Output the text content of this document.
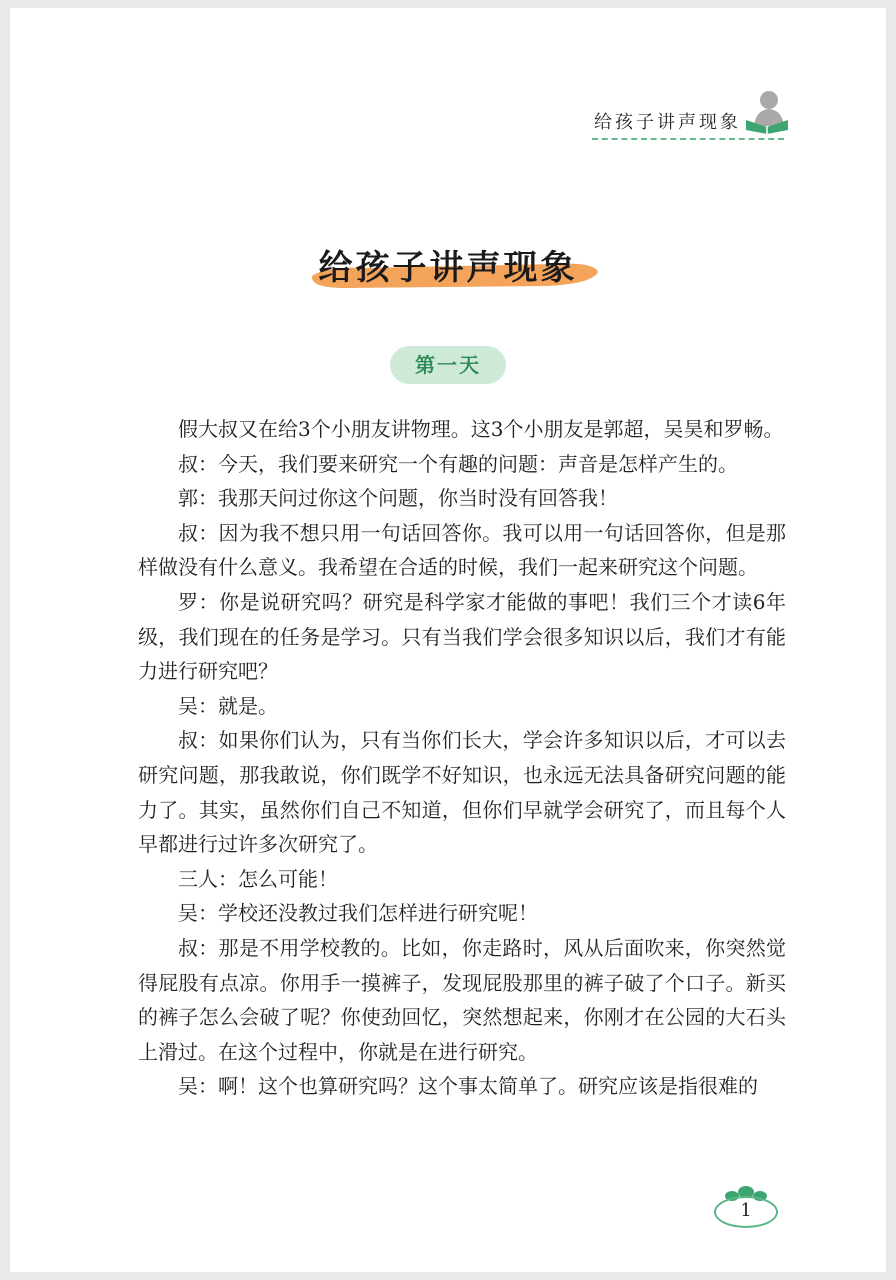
给孩子讲声现象
给孩子讲声现象
第一天

假大叔又在给3个小朋友讲物理。这3个小朋友是郭超，吴昊和罗畅。

叔：今天，我们要来研究一个有趣的问题：声音是怎样产生的。

郭：我那天问过你这个问题，你当时没有回答我！

叔：因为我不想只用一句话回答你。我可以用一句话回答你，但是那样做没有什么意义。我希望在合适的时候，我们一起来研究这个问题。

罗：你是说研究吗？研究是科学家才能做的事吧！我们三个才读6年级，我们现在的任务是学习。只有当我们学会很多知识以后，我们才有能力进行研究吧？

吴：就是。

叔：如果你们认为，只有当你们长大，学会许多知识以后，才可以去研究问题，那我敢说，你们既学不好知识，也永远无法具备研究问题的能力了。其实，虽然你们自己不知道，但你们早就学会研究了，而且每个人早都进行过许多次研究了。

三人：怎么可能！

吴：学校还没教过我们怎样进行研究呢！

叔：那是不用学校教的。比如，你走路时，风从后面吹来，你突然觉得屁股有点凉。你用手一摸裤子，发现屁股那里的裤子破了个口子。新买的裤子怎么会破了呢？你使劲回忆，突然想起来，你刚才在公园的大石头上滑过。在这个过程中，你就是在进行研究。

吴：啊！这个也算研究吗？这个事太简单了。研究应该是指很难的

1
